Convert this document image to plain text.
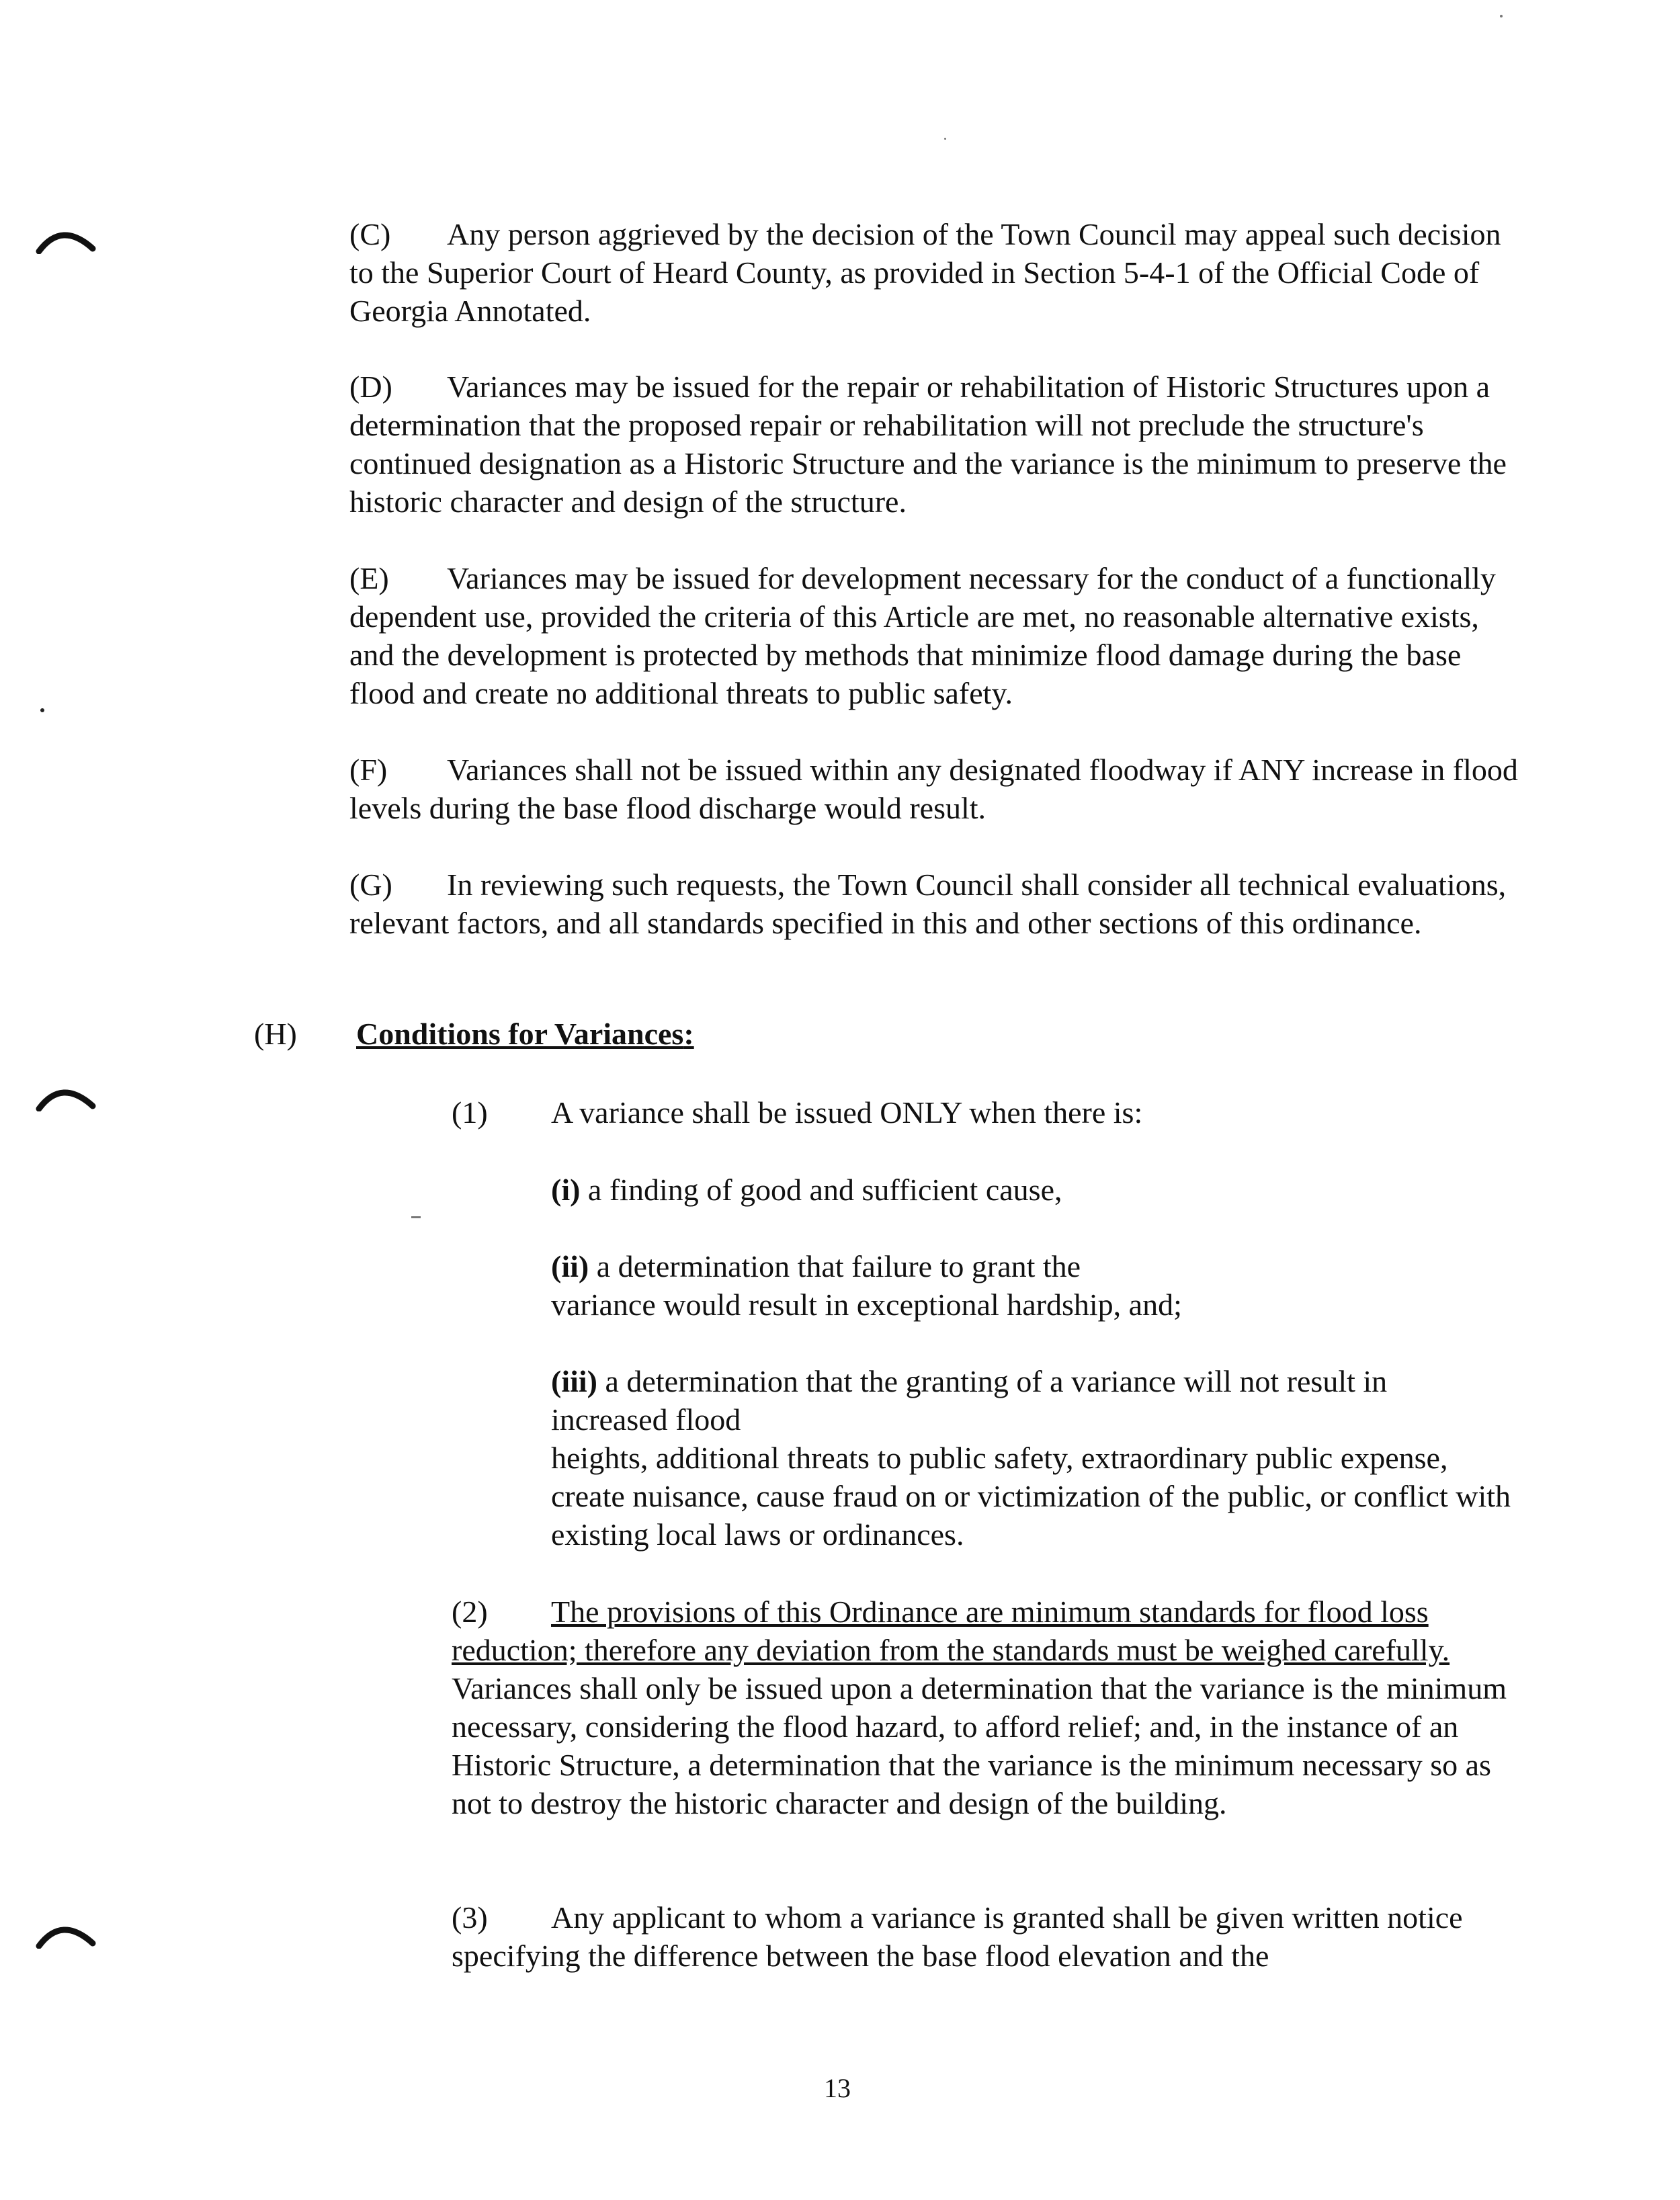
(C) Any person aggrieved by the decision of the Town Council may appeal such decision to the Superior Court of Heard County, as provided in Section 5-4-1 of the Official Code of Georgia Annotated.

(D) Variances may be issued for the repair or rehabilitation of Historic Structures upon a determination that the proposed repair or rehabilitation will not preclude the structure's continued designation as a Historic Structure and the variance is the minimum to preserve the historic character and design of the structure.

(E) Variances may be issued for development necessary for the conduct of a functionally dependent use, provided the criteria of this Article are met, no reasonable alternative exists, and the development is protected by methods that minimize flood damage during the base flood and create no additional threats to public safety.

(F) Variances shall not be issued within any designated floodway if ANY increase in flood levels during the base flood discharge would result.

(G) In reviewing such requests, the Town Council shall consider all technical evaluations, relevant factors, and all standards specified in this and other sections of this ordinance.

(H) Conditions for Variances:
(1) A variance shall be issued ONLY when there is:
(i) a finding of good and sufficient cause,
(ii) a determination that failure to grant the
variance would result in exceptional hardship, and;
(iii) a determination that the granting of a variance will not result in
increased flood
heights, additional threats to public safety, extraordinary public expense, create nuisance, cause fraud on or victimization of the public, or conflict with existing local laws or ordinances.

(2) The provisions of this Ordinance are minimum standards for flood loss reduction; therefore any deviation from the standards must be weighed carefully.  Variances shall only be issued upon a determination that the variance is the minimum necessary, considering the flood hazard, to afford relief; and, in the instance of an Historic Structure, a determination that the variance is the minimum necessary so as not to destroy the historic character and design of the building.

(3) Any applicant to whom a variance is granted shall be given written notice specifying the difference between the base flood elevation and the

13
